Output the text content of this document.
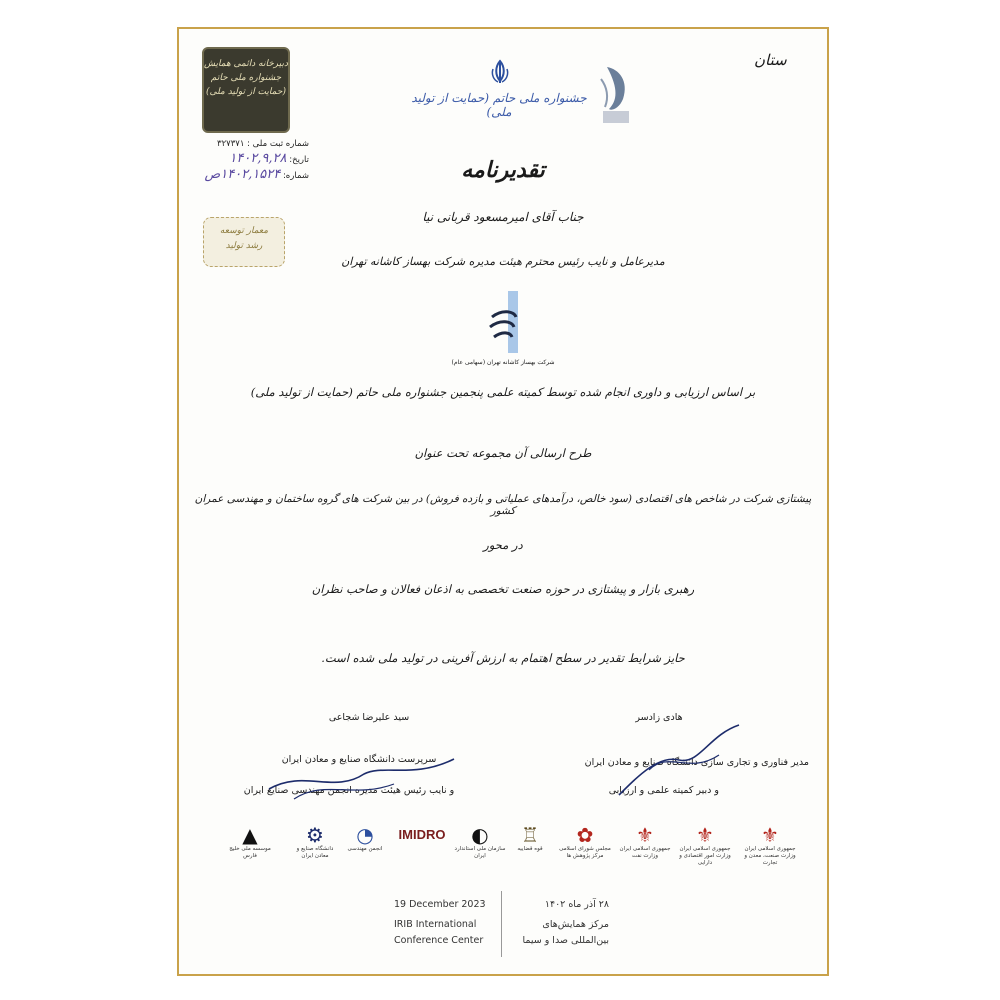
ستان
جشنواره ملی حاتم (حمایت از تولید ملی)
دبیرخانه دائمی همایش
جشنواره ملی حاتم
(حمایت از تولید ملی)
شماره ثبت ملی : ۳۲۷۳۷۱
تاریخ: ۱۴۰۲,۹,۲۸
شماره: ۱۴۰۲,۱۵۲۴ص
معمار توسعه
رشد تولید
تقدیرنامه
جناب آقای امیرمسعود قربانی نیا
مدیرعامل و نایب رئیس محترم هیئت مدیره شرکت بهساز کاشانه تهران
شرکت بهساز کاشانه تهران (سهامی عام)
بر اساس ارزیابی و داوری انجام شده توسط کمیته علمی پنجمین جشنواره ملی حاتم (حمایت از تولید ملی)
طرح ارسالی آن مجموعه تحت عنوان
پیشتازی شرکت در شاخص های اقتصادی (سود خالص، درآمدهای عملیاتی و بازده فروش) در بین شرکت های گروه ساختمان و مهندسی عمران کشور
در محور
رهبری بازار و پیشتازی در حوزه صنعت تخصصی به اذعان فعالان و صاحب نظران
حایز شرایط تقدیر در سطح اهتمام به ارزش آفرینی در تولید ملی شده است.
سید علیرضا شجاعی
سرپرست دانشگاه صنایع و معادن ایران
و نایب رئیس هیئت مدیره انجمن مهندسی صنایع ایران
هادی زادسر
مدیر فناوری و تجاری سازی دانشگاه صنایع و معادن ایران
و دبیر کمیته علمی و ارزیابی
⚜
جمهوری اسلامی ایران وزارت صنعت، معدن و تجارت
⚜
جمهوری اسلامی ایران وزارت امور اقتصادی و دارایی
⚜
جمهوری اسلامی ایران وزارت نفت
✿
مجلس شورای اسلامی مرکز پژوهش ها
♖
قوه قضاییه
◐
سازمان ملی استاندارد ایران
IMIDRO
◔
انجمن مهندسی
⚙
دانشگاه صنایع و معادن ایران
▲
موسسه ملی خلیج فارس
19 December 2023
IRIB International
Conference Center
۲۸ آذر ماه ۱۴۰۲
مرکز همایش‌های
بین‌المللی صدا و سیما
